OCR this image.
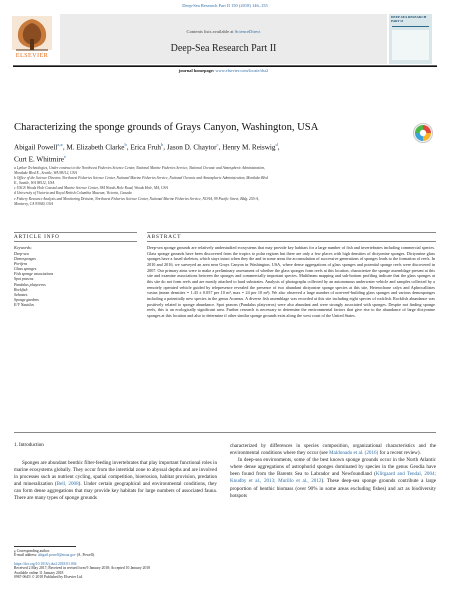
Deep-Sea Research Part II 150 (2018) 146–155
ELSEVIER
Contents lists available at ScienceDirect
Deep-Sea Research Part II
journal homepage: www.elsevier.com/locate/dsr2
DEEP-SEA RESEARCH PART II
Characterizing the sponge grounds of Grays Canyon, Washington, USA
Abigail Powell$^{a,⁎}$, M. Elizabeth Clarke$^b$, Erica Fruh$^b$, Jason D. Chaytor$^c$, Henry M. Reiswig$^d$,
Curt E. Whitmire$^e$
a Lynker Technologies, Under contract to the Northwest Fisheries Science Center, National Marine Fisheries Service, National Oceanic and Atmospheric Administration,
Montlake Blvd E., Seattle, WA 98112, USA
b Office of the Science Director, Northwest Fisheries Science Center, National Marine Fisheries Service, National Oceanic and Atmospheric Administration, Montlake Blvd
E., Seattle, WA 98112, USA
c USGS Woods Hole Coastal and Marine Science Center, 384 Woods Hole Road, Woods Hole, MA, USA
d University of Victoria and Royal British Columbia Museum, Victoria, Canada
e Fishery Resource Analysis and Monitoring Division, Northwest Fisheries Science Center, National Marine Fisheries Service, NOAA, 99 Pacific Street, Bldg. 255-A,
Monterey, CA 93940, USA
ARTICLE INFO	ABSTRACT
Keywords:
Deep-sea
Demosponges
Porifera
Glass sponges
Fish sponge associations
Spot prawns
Pandalus platyceros
Rockfish
Sebastes
Sponge gardens
E/V Nautilus
Deep-sea sponge grounds are relatively understudied ecosystems that may provide key habitats for a large number of fish and invertebrates including commercial species. Glass sponge grounds have been discovered from the tropics to polar regions but there are only a few places with high densities of dictyonine sponges. Dictyonine glass sponges have a fused skeleton, which stays intact when they die and in some areas the accumulation of successive generations of sponges leads to the formation of reefs. In 2010 and 2016, we surveyed an area near Grays Canyon in Washington, USA, where dense aggregations of glass sponges and potential sponge reefs were discovered in 2007. Our primary aims were to make a preliminary assessment of whether the glass sponges form reefs at this location, characterize the sponge assemblage present at this site and examine associations between the sponges and commercially important species. Multibeam mapping and sub-bottom profiling indicate that the glass sponges at this site do not form reefs and are mostly attached to hard substrates. Analysis of photographs collected by an autonomous underwater vehicle and samples collected by a remotely operated vehicle guided by telepresence revealed the presence of two abundant dictyonine sponge species at this site, Heterochone calyx and Aphrocallistes vastus (mean densities = 1.43 ± 0.057 per 10 m², max = 24 per 10 m²). We also observed a large number of non-reef-building glass sponges and various demosponges including a potentially new species in the genus Acarnus. A diverse fish assemblage was recorded at this site including eight species of rockfish. Rockfish abundance was positively related to sponge abundance. Spot prawns (Pandalus platyceros) were also abundant and were strongly associated with sponges. Despite not finding sponge reefs, this is an ecologically significant area. Further research is necessary to determine the environmental factors that give rise to the abundance of large dictyonine sponges at this location and also to determine if other similar sponge grounds exist along the west coast of the United States.
1. Introduction
Sponges are abundant benthic filter-feeding invertebrates that play important functional roles in marine ecosystems globally. They occur from the intertidal zone to abyssal depths and are involved in processes such as nutrient cycling, spatial competition, bioerosion, habitat provision, predation and mineralization (Bell, 2008). Under certain geographical and environmental conditions, they can form dense aggregations that may provide key habitats for large numbers of associated fauna. There are many types of sponge grounds
characterized by differences in species composition, organizational characteristics and the environmental conditions where they occur (see Maldonado et al. (2016) for a recent review).
In deep-sea environments, some of the best known sponge grounds occur in the North Atlantic where dense aggregations of astrophorid sponges dominated by species in the genus Geodia have been found from the Barents Sea to Labrador and Newfoundland (Klitgaard and Tendal, 2004; Knudby et al., 2013; Murillo et al., 2012). These deep-sea sponge grounds contribute a large proportion of benthic biomass (over 90% in some areas excluding fishes) and act as biodiversity hotspots
⁎ Corresponding author.
E-mail address: abigail.powell@noaa.gov (A. Powell).
https://doi.org/10.1016/j.dsr2.2018.01.004
Received 2 May 2017; Received in revised form 9 January 2018; Accepted 10 January 2018
Available online 11 January 2018
0967-0645/ © 2018 Published by Elsevier Ltd.
